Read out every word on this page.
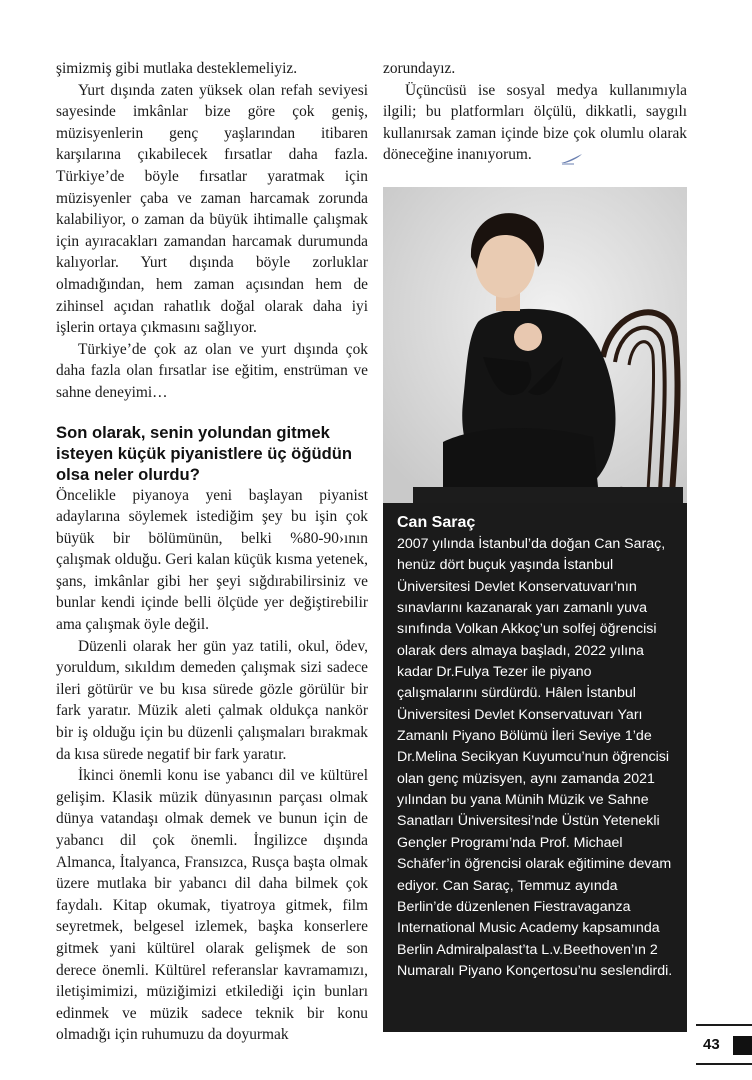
şimizmiş gibi mutlaka desteklemeliyiz.

Yurt dışında zaten yüksek olan refah seviyesi sayesinde imkânlar bize göre çok geniş, müzisyenlerin genç yaşlarından itibaren karşılarına çıkabilecek fırsatlar daha fazla. Türkiye’de böyle fırsatlar yaratmak için müzisyenler çaba ve zaman harcamak zorunda kalabiliyor, o zaman da büyük ihtimalle çalışmak için ayıracakları zamandan harcamak durumunda kalıyorlar. Yurt dışında böyle zorluklar olmadığından, hem zaman açısından hem de zihinsel açıdan rahatlık doğal olarak daha iyi işlerin ortaya çıkmasını sağlıyor.

Türkiye’de çok az olan ve yurt dışında çok daha fazla olan fırsatlar ise eğitim, enstrüman ve sahne deneyimi…

Son olarak, senin yolundan gitmek isteyen küçük piyanistlere üç öğüdün olsa neler olurdu?

Öncelikle piyanoya yeni başlayan piyanist adaylarına söylemek istediğim şey bu işin çok büyük bir bölümünün, belki %80-90›ının çalışmak olduğu. Geri kalan küçük kısma yetenek, şans, imkânlar gibi her şeyi sığdırabilirsiniz ve bunlar kendi içinde belli ölçüde yer değiştirebilir ama çalışmak öyle değil.

Düzenli olarak her gün yaz tatili, okul, ödev, yoruldum, sıkıldım demeden çalışmak sizi sadece ileri götürür ve bu kısa sürede gözle görülür bir fark yaratır. Müzik aleti çalmak oldukça nankör bir iş olduğu için bu düzenli çalışmaları bırakmak da kısa sürede negatif bir fark yaratır.

İkinci önemli konu ise yabancı dil ve kültürel gelişim. Klasik müzik dünyasının parçası olmak dünya vatandaşı olmak demek ve bunun için de yabancı dil çok önemli. İngilizce dışında Almanca, İtalyanca, Fransızca, Rusça başta olmak üzere mutlaka bir yabancı dil daha bilmek çok faydalı. Kitap okumak, tiyatroya gitmek, film seyretmek, belgesel izlemek, başka konserlere gitmek yani kültürel olarak gelişmek de son derece önemli. Kültürel referanslar kavramamızı, iletişimimizi, müziğimizi etkilediği için bunları edinmek ve müzik sadece teknik bir konu olmadığı için ruhumuzu da doyurmak

zorundayız.

Üçüncüsü ise sosyal medya kullanımıyla ilgili; bu platformları ölçülü, dikkatli, saygılı kullanırsak zaman içinde bize çok olumlu olarak döneceğine inanıyorum.

Can Saraç
2007 yılında İstanbul’da doğan Can Saraç, henüz dört buçuk yaşında İstanbul Üniversitesi Devlet Konservatuvarı’nın sınavlarını kazanarak yarı zamanlı yuva sınıfında Volkan Akkoç’un solfej öğrencisi olarak ders almaya başladı, 2022 yılına kadar Dr.Fulya Tezer ile piyano çalışmalarını sürdürdü. Hâlen İstanbul Üniversitesi Devlet Konservatuvarı Yarı Zamanlı Piyano Bölümü İleri Seviye 1’de Dr.Melina Secikyan Kuyumcu’nun öğrencisi olan genç müzisyen, aynı zamanda 2021 yılından bu yana Münih Müzik ve Sahne Sanatları Üniversitesi’nde Üstün Yetenekli Gençler Programı’nda Prof. Michael Schäfer’in öğrencisi olarak eğitimine devam ediyor. Can Saraç, Temmuz ayında Berlin’de düzenlenen Fiestravaganza International Music Academy kapsamında Berlin Admiralpalast’ta L.v.Beethoven’ın 2 Numaralı Piyano Konçertosu’nu seslendirdi.
43
